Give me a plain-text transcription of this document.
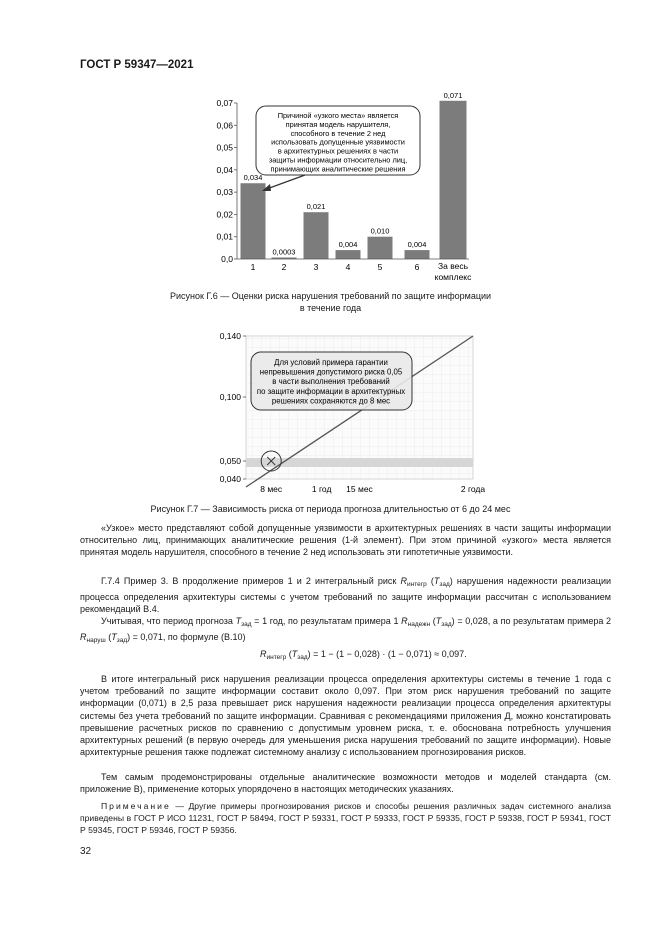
ГОСТ Р 59347—2021
0,0
0,01
0,02
0,03
0,04
0,05
0,06
0,07
0,034
0,0003
0,021
0,004
0,010
0,004
0,071
1	2	3	4	5	6 За весь
комплекс
Причиной «узкого места» является
принятая модель нарушителя,
способного в течение 2 нед
использовать допущенные уязвимости
в архитектурных решениях в части
защиты информации относительно лиц,
принимающих аналитические решения
Рисунок Г.6 — Оценки риска нарушения требований по защите информации
в течение года
0,040
0,050
0,100
0,140
8 мес	1 год 15 мес	2 года
Для условий примера гарантии
непревышения допустимого риска 0,05
в части выполнения требований
по защите информации в архитектурных
решениях сохраняются до 8 мес
Рисунок Г.7 — Зависимость риска от периода прогноза длительностью от 6 до 24 мес

«Узкое» место представляют собой допущенные уязвимости в архитектурных решениях в части защиты информации относительно лиц, принимающих аналитические решения (1-й элемент). При этом причиной «узкого» места является принятая модель нарушителя, способного в течение 2 нед использовать эти гипотетичные уязвимости.

Г.7.4 Пример 3. В продолжение примеров 1 и 2 интегральный риск $R_{интегр}$ $(T_{зад})$ нарушения надежности реализации процесса определения архитектуры системы с учетом требований по защите информации рассчитан с использованием рекомендаций В.4.

Учитывая, что период прогноза $T_{зад} = 1$ год, по результатам примера 1 $R_{надежн}$ $(T_{зад}) = 0,028$, а по результатам примера 2 $R_{наруш}$ $(T_{зад}) = 0,071$, по формуле (В.10)

$R_{интегр}$ $(T_{зад}) = 1 - (1 - 0,028) \cdot (1 - 0,071) \approx 0,097$.

В итоге интегральный риск нарушения реализации процесса определения архитектуры системы в течение 1 года с учетом требований по защите информации составит около 0,097. При этом риск нарушения требований по защите информации (0,071) в 2,5 раза превышает риск нарушения надежности реализации процесса определения архитектуры системы без учета требований по защите информации. Сравнивая с рекомендациями приложения Д, можно констатировать превышение расчетных рисков по сравнению с допустимым уровнем риска, т. е. обоснована потребность улучшения архитектурных решений (в первую очередь для уменьшения риска нарушения требований по защите информации). Новые архитектурные решения также подлежат системному анализу с использованием прогнозирования рисков.

Тем самым продемонстрированы отдельные аналитические возможности методов и моделей стандарта (см. приложение В), применение которых упорядочено в настоящих методических указаниях.

Примечание — Другие примеры прогнозирования рисков и способы решения различных задач системного анализа приведены в ГОСТ Р ИСО 11231, ГОСТ Р 58494, ГОСТ Р 59331, ГОСТ Р 59333, ГОСТ Р 59335, ГОСТ Р 59338, ГОСТ Р 59341, ГОСТ Р 59345, ГОСТ Р 59346, ГОСТ Р 59356.

32
